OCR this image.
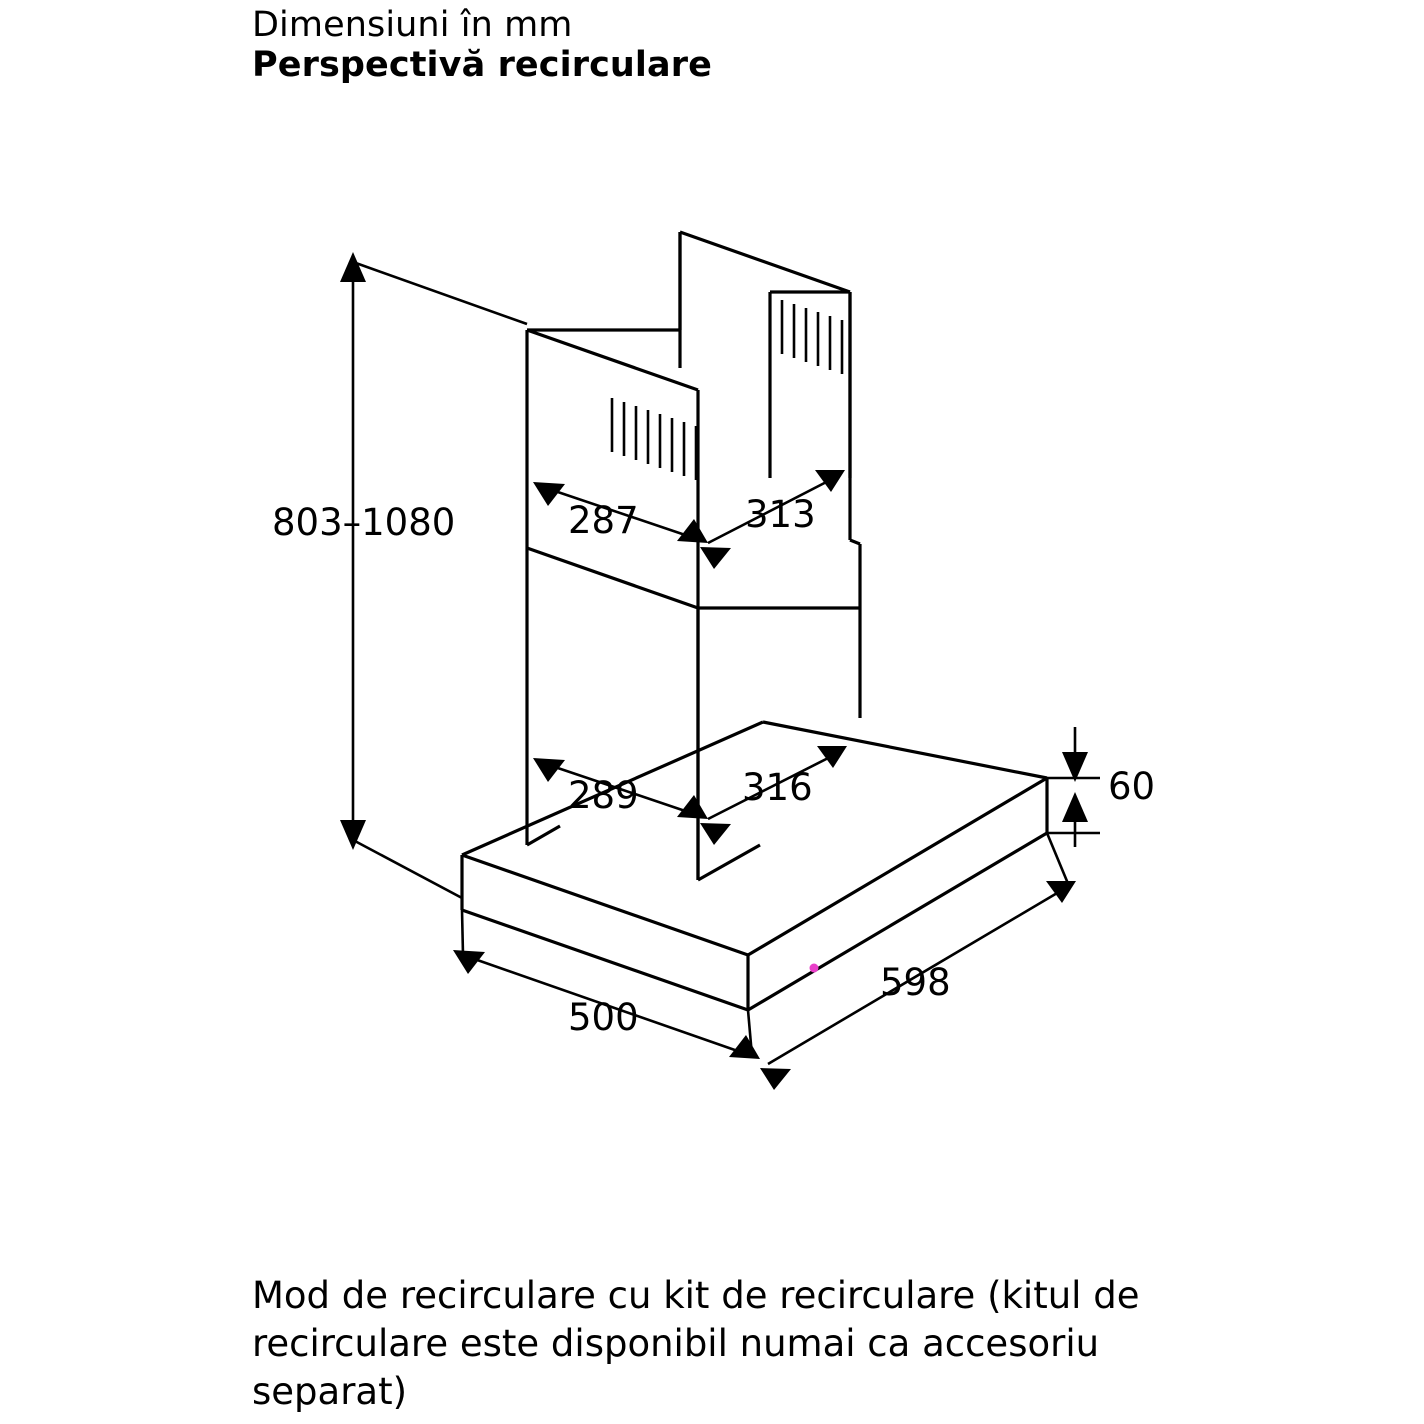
Dimensiuni în mm
Perspectivă recirculare
803–1080	287	313
289	316	60
598
500
Mod de recirculare cu kit de recirculare (kitul de recirculare este disponibil numai ca accesoriu separat)
